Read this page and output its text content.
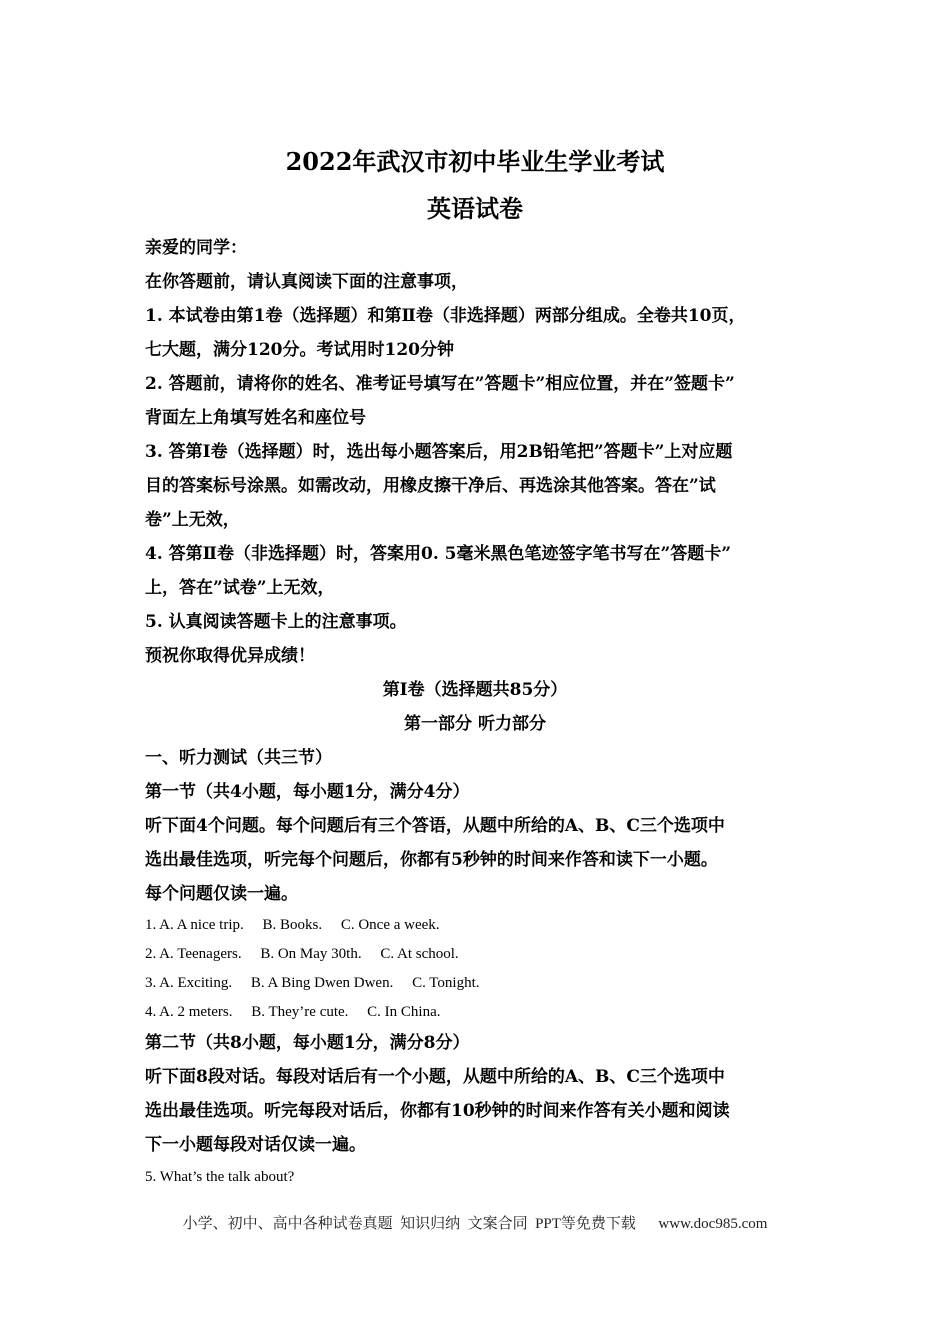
2022年武汉市初中毕业生学业考试
英语试卷
亲爱的同学：
在你答题前，请认真阅读下面的注意事项，
1. 本试卷由第1卷（选择题）和第Ⅱ卷（非选择题）两部分组成。全卷共10页，
七大题，满分120分。考试用时120分钟
2. 答题前，请将你的姓名、准考证号填写在”答题卡”相应位置，并在”签题卡”
背面左上角填写姓名和座位号
3. 答第Ⅰ卷（选择题）时，选出每小题答案后，用2B铅笔把”答题卡”上对应题
目的答案标号涂黑。如需改动，用橡皮擦干净后、再选涂其他答案。答在”试
卷”上无效，
4. 答第Ⅱ卷（非选择题）时，答案用0. 5毫米黑色笔迹签字笔书写在”答题卡”
上，答在”试卷”上无效，
5. 认真阅读答题卡上的注意事项。
预祝你取得优异成绩！
第Ⅰ卷（选择题共85分）
第一部分 听力部分
一、听力测试（共三节）
第一节（共4小题，每小题1分，满分4分）
听下面4个问题。每个问题后有三个答语，从题中所给的A、B、C三个选项中
选出最佳选项，听完每个问题后，你都有5秒钟的时间来作答和读下一小题。
每个问题仅读一遍。
1. A. A nice trip.     B. Books.     C. Once a week.
2. A. Teenagers.     B. On May 30th.     C. At school.
3. A. Exciting.     B. A Bing Dwen Dwen.     C. Tonight.
4. A. 2 meters.     B. They’re cute.     C. In China.
第二节（共8小题，每小题1分，满分8分）
听下面8段对话。每段对话后有一个小题，从题中所给的A、B、C三个选项中
选出最佳选项。听完每段对话后，你都有10秒钟的时间来作答有关小题和阅读
下一小题每段对话仅读一遍。
5. What’s the talk about?
小学、初中、高中各种试卷真题  知识归纳  文案合同  PPT等免费下载      www.doc985.com
